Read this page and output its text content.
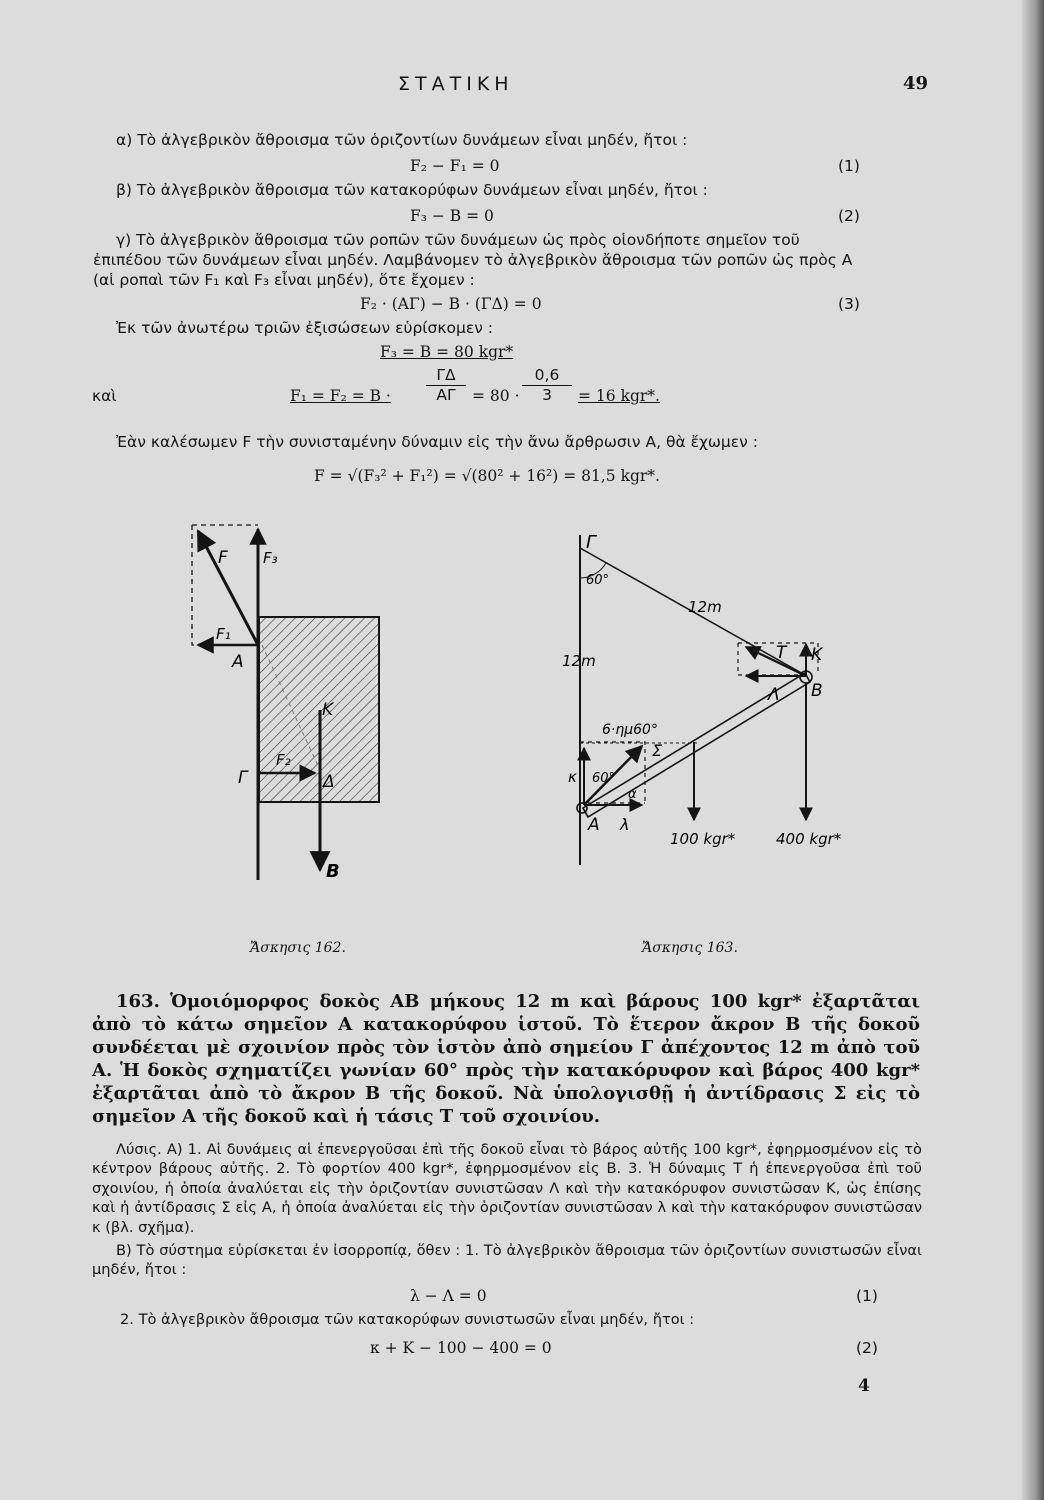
ΣΤΑΤΙΚΗ	49
α) Τὸ ἀλγεβρικὸν ἄθροισμα τῶν ὁριζοντίων δυνάμεων εἶναι μηδέν, ἤτοι :
F₂ − F₁ = 0	(1)
β) Τὸ ἀλγεβρικὸν ἄθροισμα τῶν κατακορύφων δυνάμεων εἶναι μηδέν, ἤτοι :
F₃ − B = 0	(2)
γ) Τὸ ἀλγεβρικὸν ἄθροισμα τῶν ροπῶν τῶν δυνάμεων ὡς πρὸς οἱονδήποτε σημεῖον τοῦ
ἐπιπέδου τῶν δυνάμεων εἶναι μηδέν. Λαμβάνομεν τὸ ἀλγεβρικὸν ἄθροισμα τῶν ροπῶν ὡς πρὸς A
(αἱ ροπαὶ τῶν F₁ καὶ F₃ εἶναι μηδέν), ὅτε ἔχομεν :
F₂ · (ΑΓ) − B · (ΓΔ) = 0	(3)
Ἐκ τῶν ἀνωτέρω τριῶν ἐξισώσεων εὑρίσκομεν :
F₃ = B = 80 kgr*
καὶ	$F_1 = F_2 = B \cdot \frac{\Gamma\Delta}{A\Gamma} = 80 \cdot \frac{0,6}{3} = 16$ kgr*.
Ἐὰν καλέσωμεν F τὴν συνισταμένην δύναμιν εἰς τὴν ἄνω ἄρθρωσιν A, θὰ ἔχωμεν :
F = √(F₃² + F₁²) = √(80² + 16²) = 81,5 kgr*.
F F₃
F₁
A
K
F₂
Γ	Δ
B
Ἄσκησις 162.
Γ
60°
12m
12m	T K
Λ B
6·ημ60°
Σ
κ 60°
α
A λ
100 kgr*	400 kgr*
Ἄσκησις 163.
163. Ὁμοιόμορφος δοκὸς AB μήκους 12 m καὶ βάρους 100 kgr* ἐξαρτᾶται ἀπὸ τὸ κάτω σημεῖον A κατακορύφου ἱστοῦ. Τὸ ἕτερον ἄκρον B τῆς δοκοῦ συνδέεται μὲ σχοινίον πρὸς τὸν ἱστὸν ἀπὸ σημείου Γ ἀπέχοντος 12 m ἀπὸ τοῦ A. Ἡ δοκὸς σχηματίζει γωνίαν 60° πρὸς τὴν κατακόρυφον καὶ βάρος 400 kgr* ἐξαρτᾶται ἀπὸ τὸ ἄκρον B τῆς δοκοῦ. Νὰ ὑπολογισθῇ ἡ ἀντίδρασις Σ εἰς τὸ σημεῖον A τῆς δοκοῦ καὶ ἡ τάσις T τοῦ σχοινίου.
Λύσις. A) 1. Αἱ δυνάμεις αἱ ἐπενεργοῦσαι ἐπὶ τῆς δοκοῦ εἶναι τὸ βάρος αὐτῆς 100 kgr*, ἐφηρμοσμένον εἰς τὸ κέντρον βάρους αὐτῆς. 2. Τὸ φορτίον 400 kgr*, ἐφηρμοσμένον εἰς B. 3. Ἡ δύναμις T ἡ ἐπενεργοῦσα ἐπὶ τοῦ σχοινίου, ἡ ὁποία ἀναλύεται εἰς τὴν ὁριζοντίαν συνιστῶσαν Λ καὶ τὴν κατακόρυφον συνιστῶσαν K, ὡς ἐπίσης καὶ ἡ ἀντίδρασις Σ εἰς A, ἡ ὁποία ἀναλύεται εἰς τὴν ὁριζοντίαν συνιστῶσαν λ καὶ τὴν κατακόρυφον συνιστῶσαν κ (βλ. σχῆμα).
B) Τὸ σύστημα εὑρίσκεται ἐν ἰσορροπίᾳ, ὅθεν : 1. Τὸ ἀλγεβρικὸν ἄθροισμα τῶν ὁριζοντίων συνιστωσῶν εἶναι μηδέν, ἤτοι :
λ − Λ = 0	(1)
2. Τὸ ἀλγεβρικὸν ἄθροισμα τῶν κατακορύφων συνιστωσῶν εἶναι μηδέν, ἤτοι :
κ + K − 100 − 400 = 0	(2)
4
